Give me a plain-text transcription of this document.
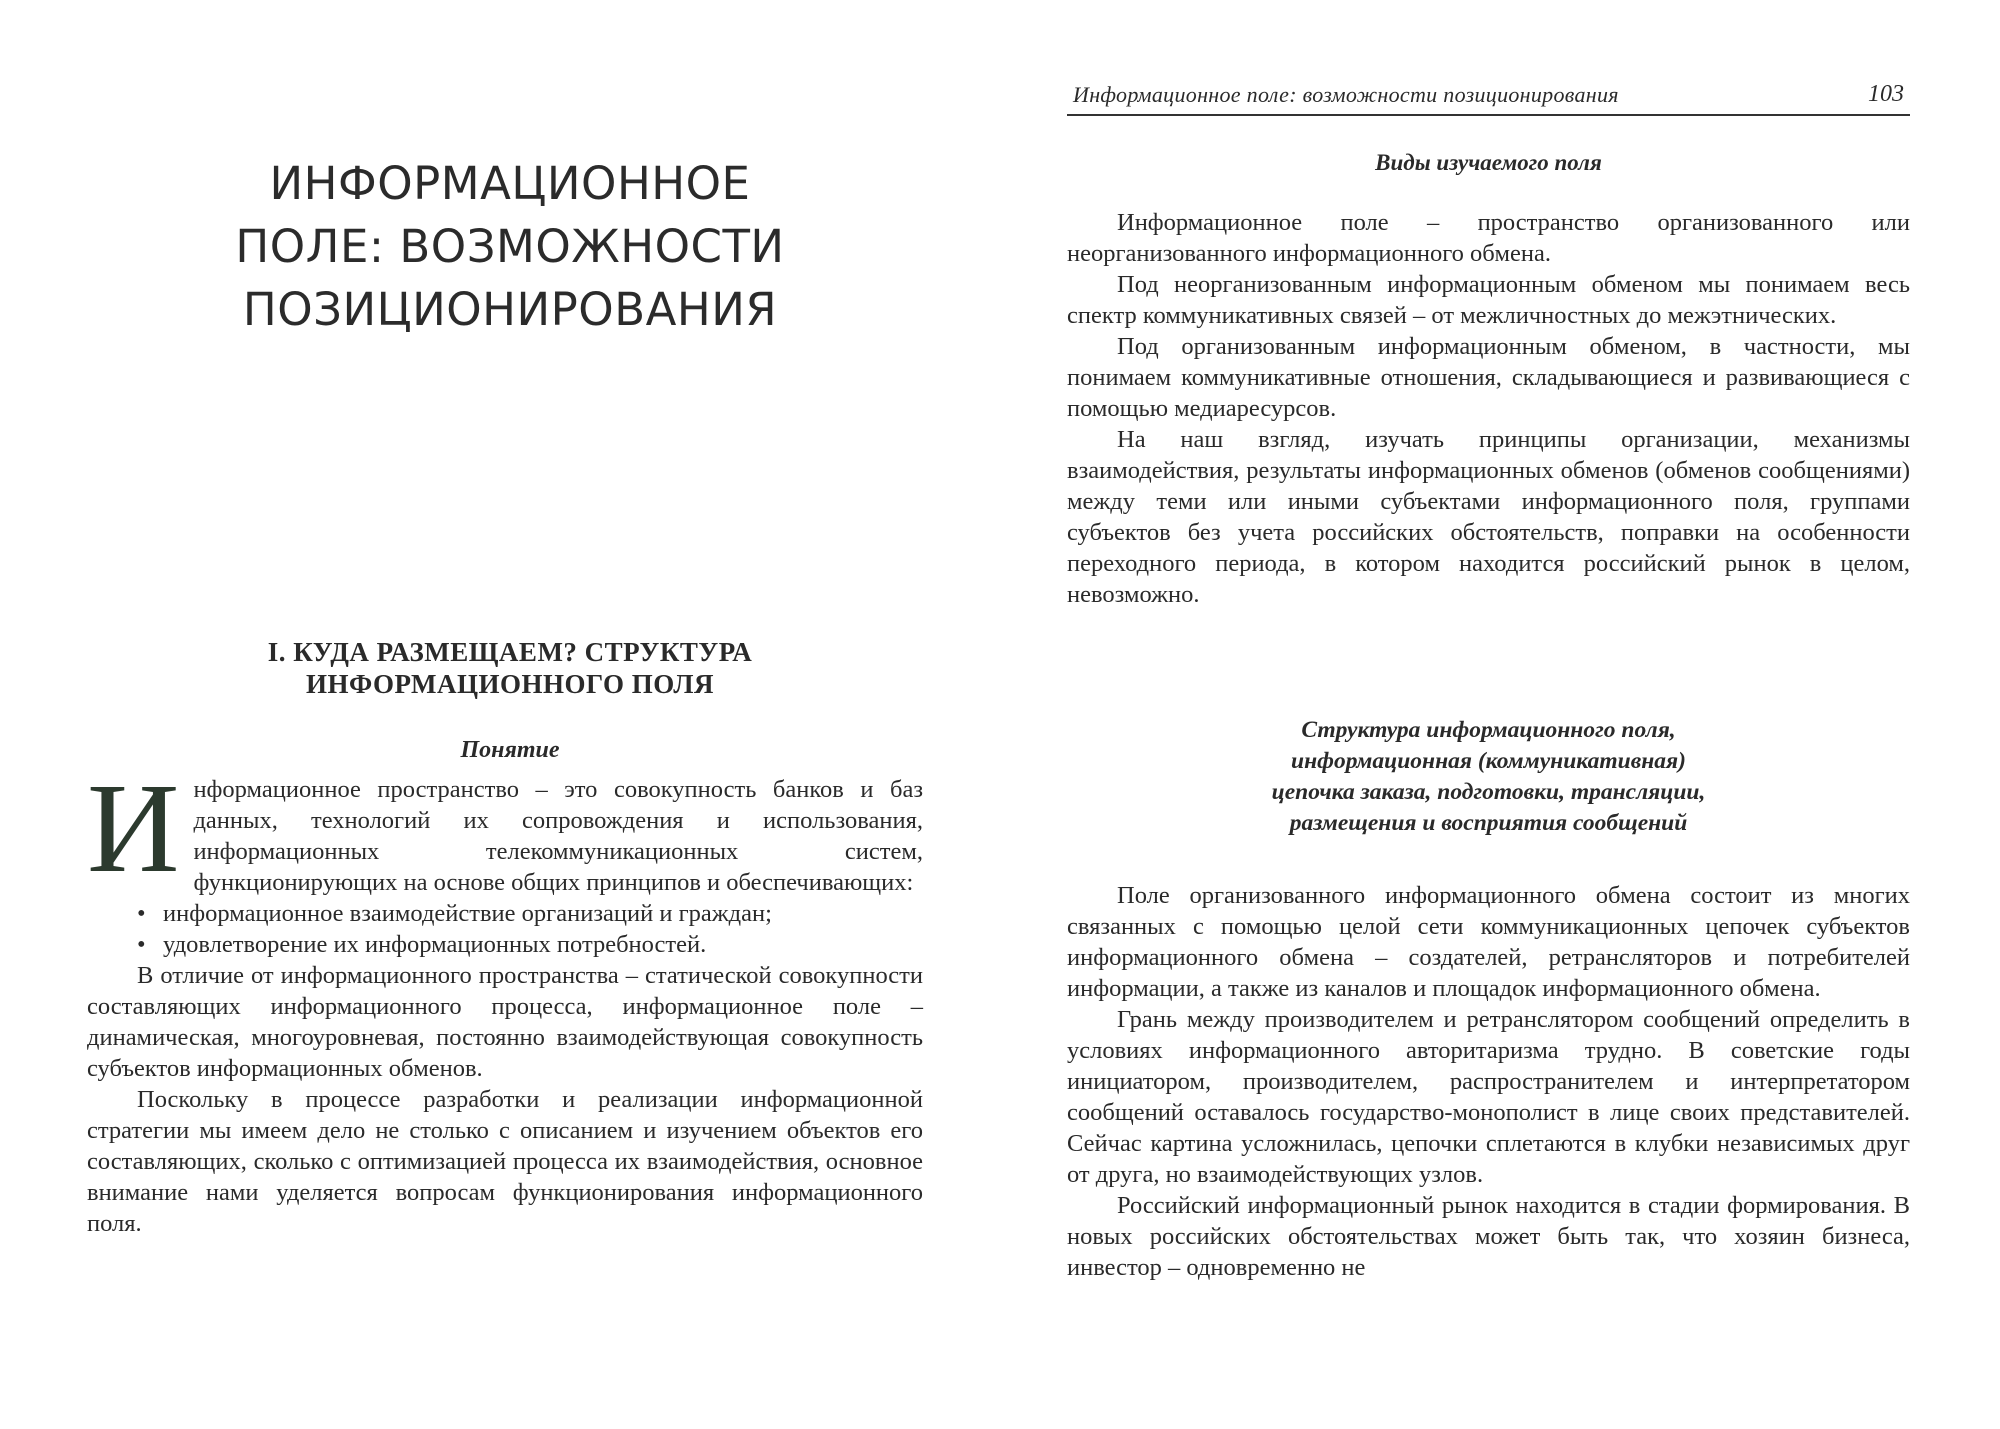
ИНФОРМАЦИОННОЕ
ПОЛЕ: ВОЗМОЖНОСТИ
ПОЗИЦИОНИРОВАНИЯ
I. КУДА РАЗМЕЩАЕМ? СТРУКТУРА
ИНФОРМАЦИОННОГО ПОЛЯ
Понятие
И нформационное пространство – это совокупность банков и баз данных, технологий их сопровождения и использования, информационных телекоммуникационных систем, функционирующих на основе общих принципов и обеспечивающих:

• информационное взаимодействие организаций и граждан;
• удовлетворение их информационных потребностей.

В отличие от информационного пространства – статической совокупности составляющих информационного процесса, информационное поле – динамическая, многоуровневая, постоянно взаимодействующая совокупность субъектов информационных обменов.

Поскольку в процессе разработки и реализации информационной стратегии мы имеем дело не столько с описанием и изучением объектов его составляющих, сколько с оптимизацией процесса их взаимодействия, основное внимание нами уделяется вопросам функционирования информационного поля.

Информационное поле: возможности позиционирования	103
Виды изучаемого поля

Информационное поле – пространство организованного или неорганизованного информационного обмена.

Под неорганизованным информационным обменом мы понимаем весь спектр коммуникативных связей – от межличностных до межэтнических.

Под организованным информационным обменом, в частности, мы понимаем коммуникативные отношения, складывающиеся и развивающиеся с помощью медиаресурсов.

На наш взгляд, изучать принципы организации, механизмы взаимодействия, результаты информационных обменов (обменов сообщениями) между теми или иными субъектами информационного поля, группами субъектов без учета российских обстоятельств, поправки на особенности переходного периода, в котором находится российский рынок в целом, невозможно.

Структура информационного поля,
информационная (коммуникативная)
цепочка заказа, подготовки, трансляции,
размещения и восприятия сообщений

Поле организованного информационного обмена состоит из многих связанных с помощью целой сети коммуникационных цепочек субъектов информационного обмена – создателей, ретрансляторов и потребителей информации, а также из каналов и площадок информационного обмена.

Грань между производителем и ретранслятором сообщений определить в условиях информационного авторитаризма трудно. В советские годы инициатором, производителем, распространителем и интерпретатором сообщений оставалось государство-монополист в лице своих представителей. Сейчас картина усложнилась, цепочки сплетаются в клубки независимых друг от друга, но взаимодействующих узлов.

Российский информационный рынок находится в стадии формирования. В новых российских обстоятельствах может быть так, что хозяин бизнеса, инвестор – одновременно не
